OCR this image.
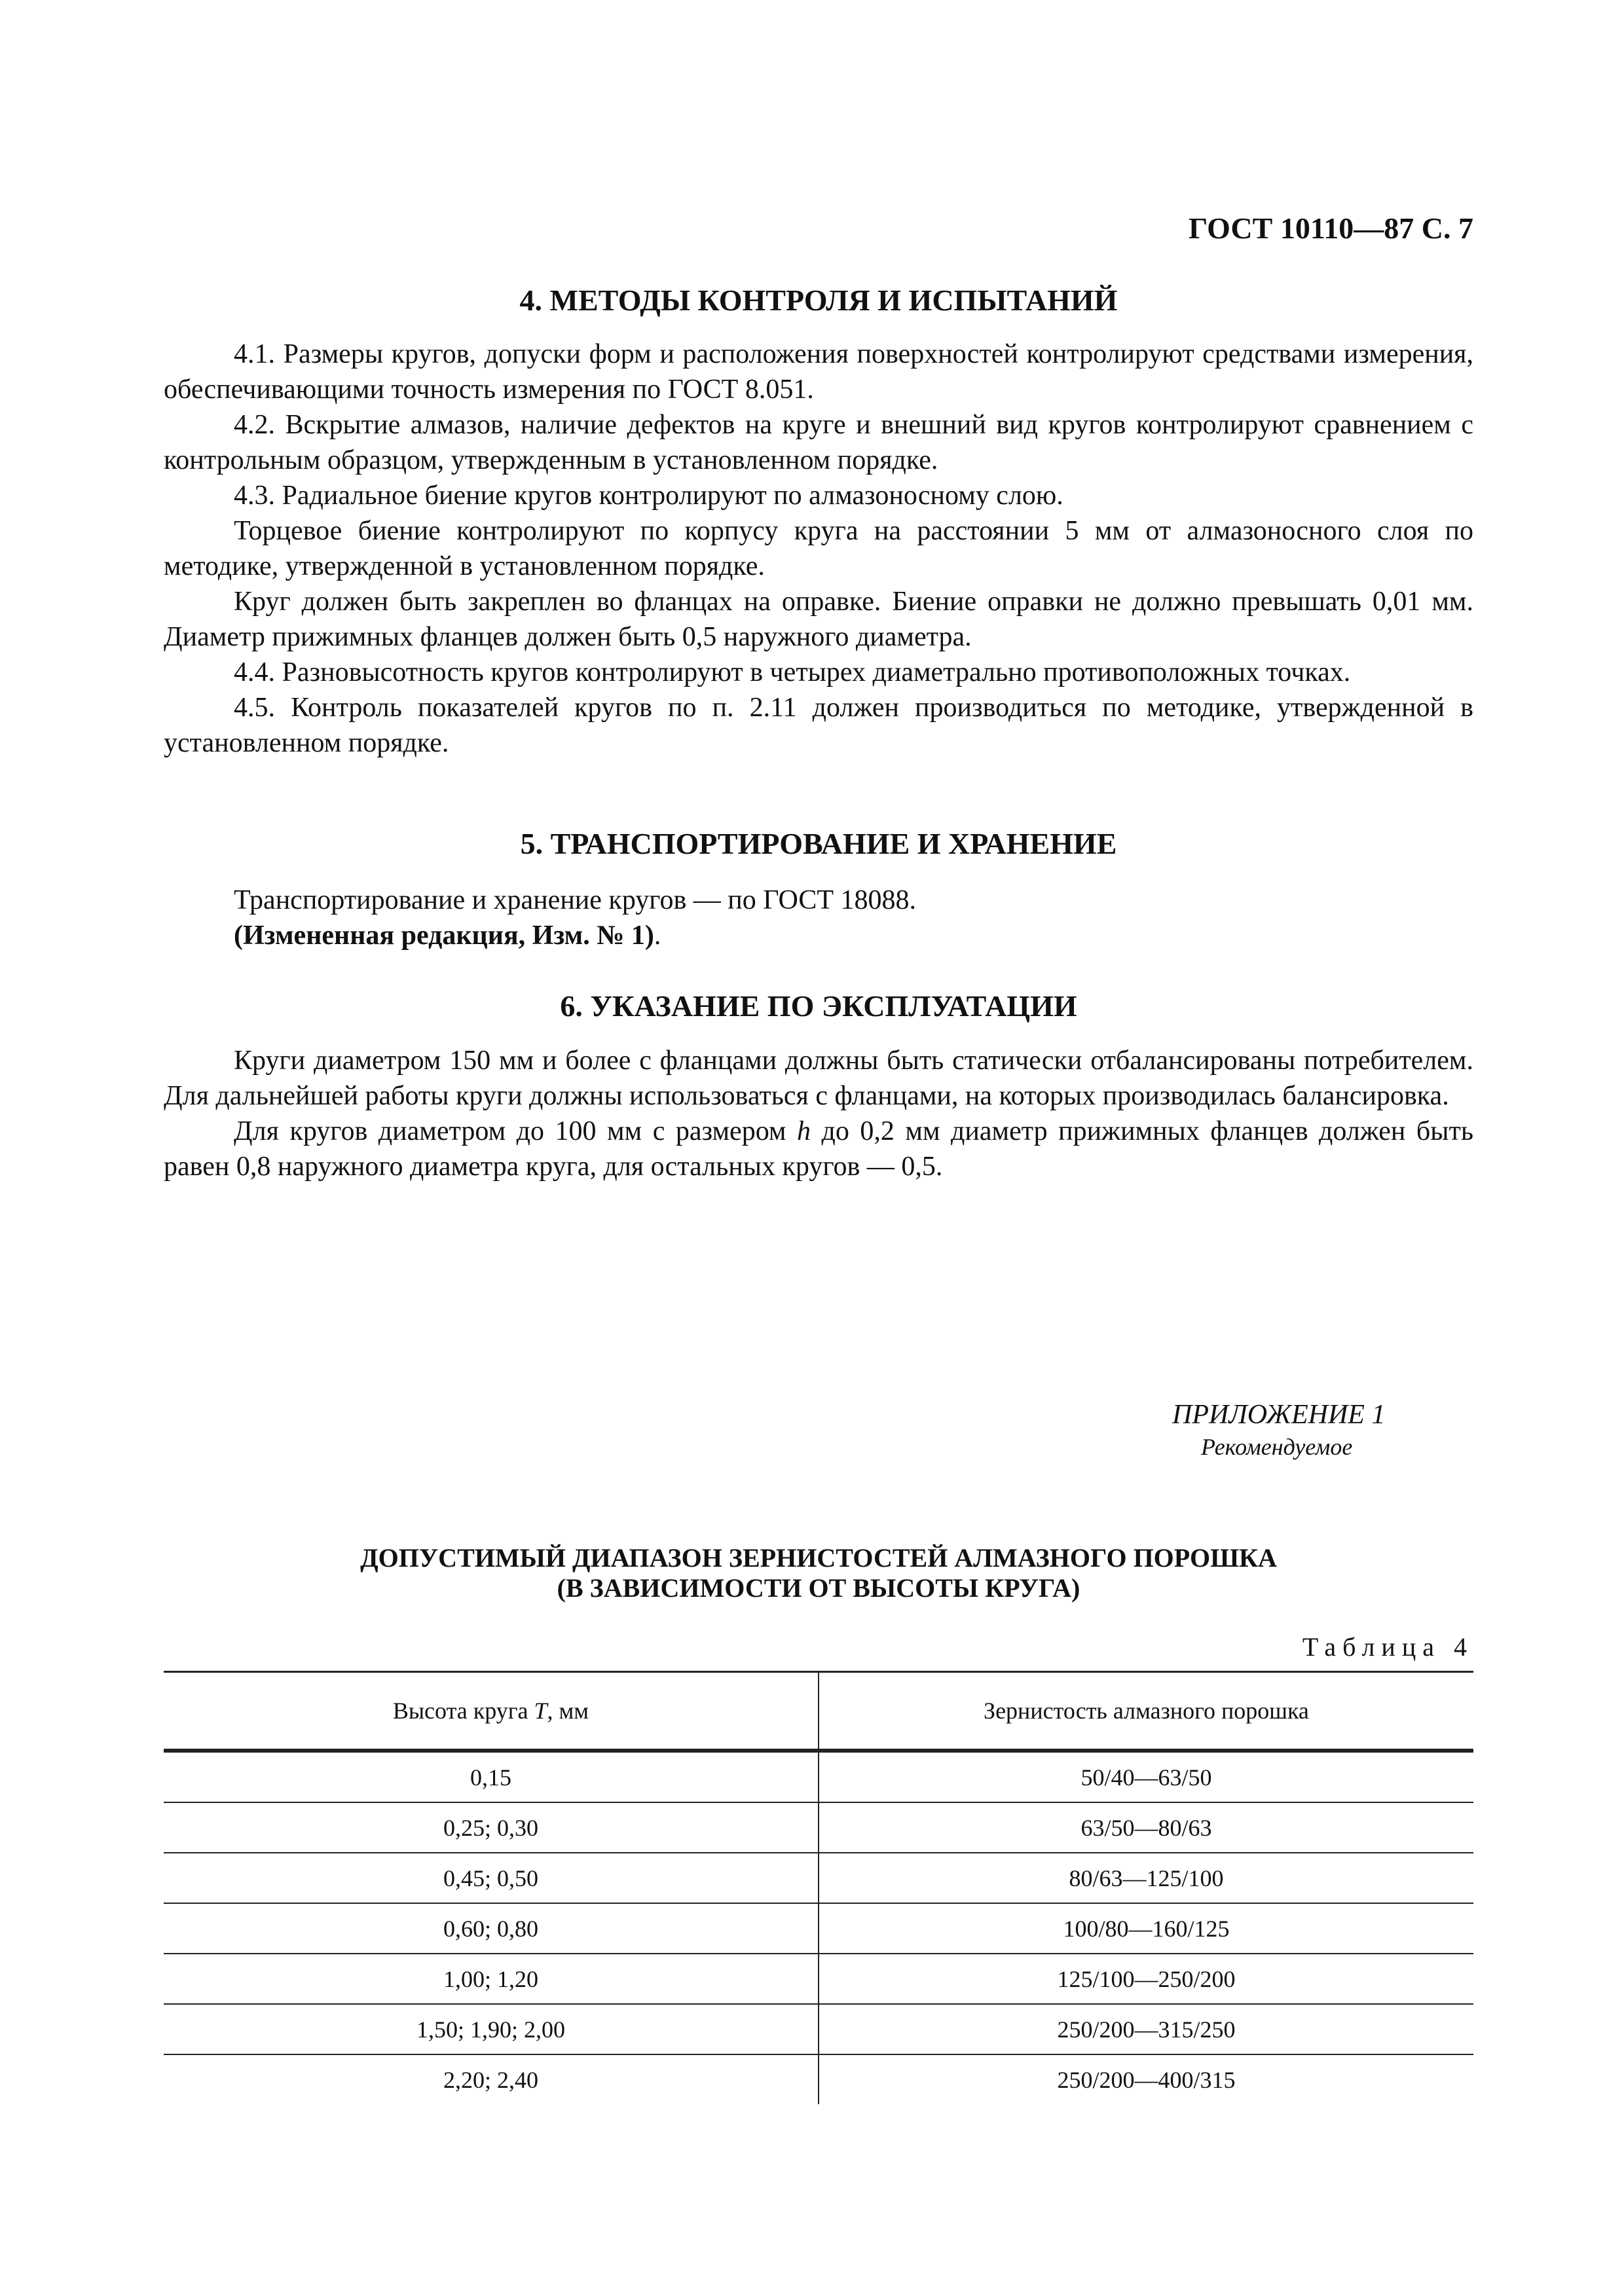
ГОСТ 10110—87 С. 7
4. МЕТОДЫ КОНТРОЛЯ И ИСПЫТАНИЙ

4.1. Размеры кругов, допуски форм и расположения поверхностей контролируют средствами измерения, обеспечивающими точность измерения по ГОСТ 8.051.

4.2. Вскрытие алмазов, наличие дефектов на круге и внешний вид кругов контролируют сравнением с контрольным образцом, утвержденным в установленном порядке.

4.3. Радиальное биение кругов контролируют по алмазоносному слою.

Торцевое биение контролируют по корпусу круга на расстоянии 5 мм от алмазоносного слоя по методике, утвержденной в установленном порядке.

Круг должен быть закреплен во фланцах на оправке. Биение оправки не должно превышать 0,01 мм. Диаметр прижимных фланцев должен быть 0,5 наружного диаметра.

4.4. Разновысотность кругов контролируют в четырех диаметрально противоположных точках.

4.5. Контроль показателей кругов по п. 2.11 должен производиться по методике, утвержденной в установленном порядке.

5. ТРАНСПОРТИРОВАНИЕ И ХРАНЕНИЕ

Транспортирование и хранение кругов — по ГОСТ 18088.

(Измененная редакция, Изм. № 1).

6. УКАЗАНИЕ ПО ЭКСПЛУАТАЦИИ

Круги диаметром 150 мм и более с фланцами должны быть статически отбалансированы потребителем. Для дальнейшей работы круги должны использоваться с фланцами, на которых производилась балансировка.

Для кругов диаметром до 100 мм с размером h до 0,2 мм диаметр прижимных фланцев должен быть равен 0,8 наружного диаметра круга, для остальных кругов — 0,5.

ПРИЛОЖЕНИЕ 1
Рекомендуемое
ДОПУСТИМЫЙ ДИАПАЗОН ЗЕРНИСТОСТЕЙ АЛМАЗНОГО ПОРОШКА
(В ЗАВИСИМОСТИ ОТ ВЫСОТЫ КРУГА)
Таблица 4
Высота круга T, мм	Зернистость алмазного порошка
0,15	50/40—63/50
0,25; 0,30	63/50—80/63
0,45; 0,50	80/63—125/100
0,60; 0,80	100/80—160/125
1,00; 1,20	125/100—250/200
1,50; 1,90; 2,00	250/200—315/250
2,20; 2,40	250/200—400/315
